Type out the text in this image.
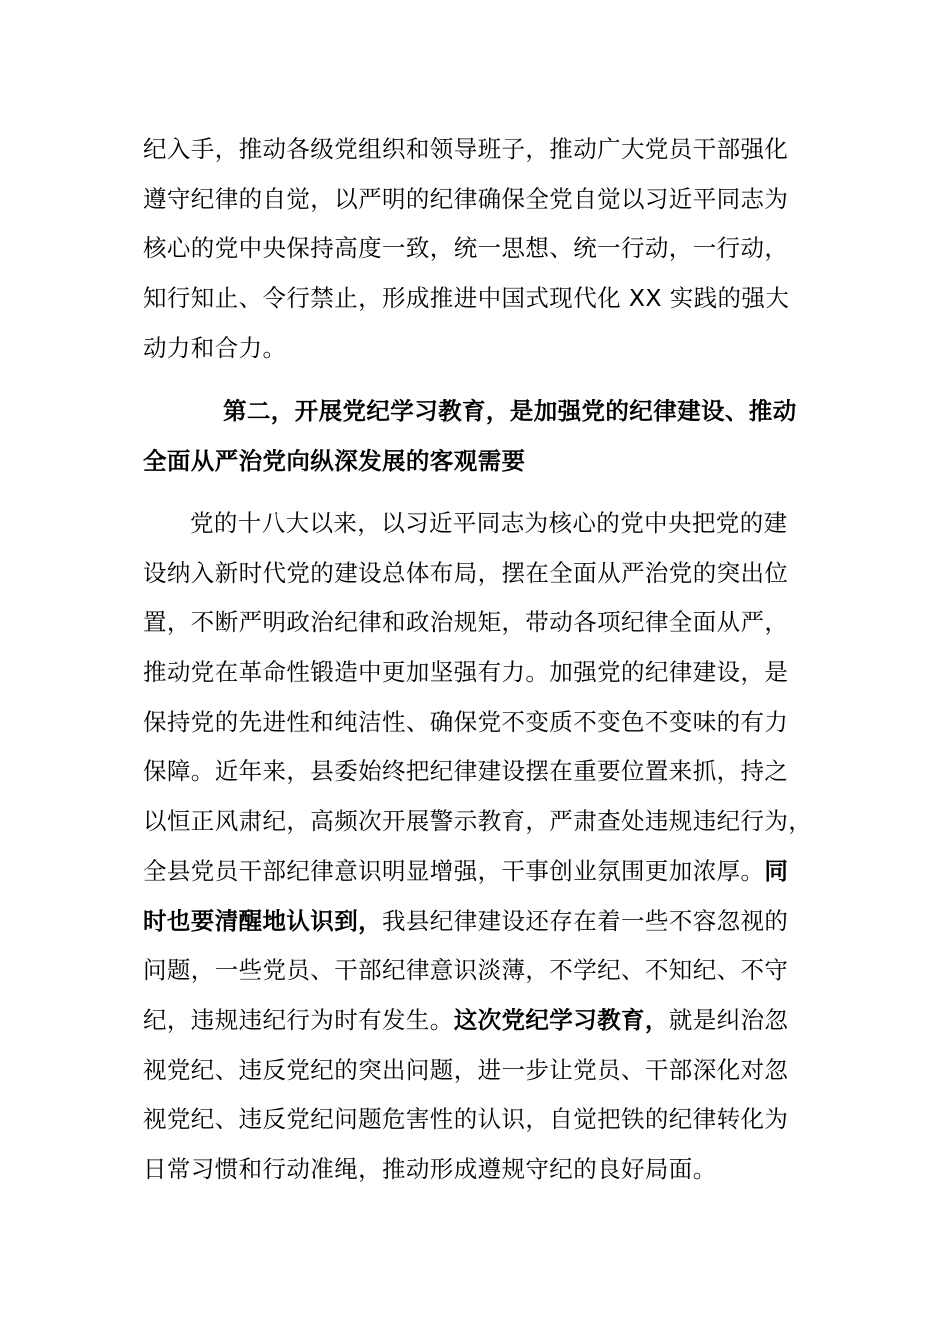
纪入手，推动各级党组织和领导班子，推动广大党员干部强化
遵守纪律的自觉，以严明的纪律确保全党自觉以习近平同志为
核心的党中央保持高度一致，统一思想、统一行动，一行动，
知行知止、令行禁止，形成推进中国式现代化 XX 实践的强大
动力和合力。
第二，开展党纪学习教育，是加强党的纪律建设、推动
全面从严治党向纵深发展的客观需要
党的十八大以来，以习近平同志为核心的党中央把党的建
设纳入新时代党的建设总体布局，摆在全面从严治党的突出位
置，不断严明政治纪律和政治规矩，带动各项纪律全面从严，
推动党在革命性锻造中更加坚强有力。加强党的纪律建设，是
保持党的先进性和纯洁性、确保党不变质不变色不变味的有力
保障。近年来，县委始终把纪律建设摆在重要位置来抓，持之
以恒正风肃纪，高频次开展警示教育，严肃查处违规违纪行为，
全县党员干部纪律意识明显增强，干事创业氛围更加浓厚。同
时也要清醒地认识到，我县纪律建设还存在着一些不容忽视的
问题，一些党员、干部纪律意识淡薄，不学纪、不知纪、不守
纪，违规违纪行为时有发生。这次党纪学习教育，就是纠治忽
视党纪、违反党纪的突出问题，进一步让党员、干部深化对忽
视党纪、违反党纪问题危害性的认识，自觉把铁的纪律转化为
日常习惯和行动准绳，推动形成遵规守纪的良好局面。
